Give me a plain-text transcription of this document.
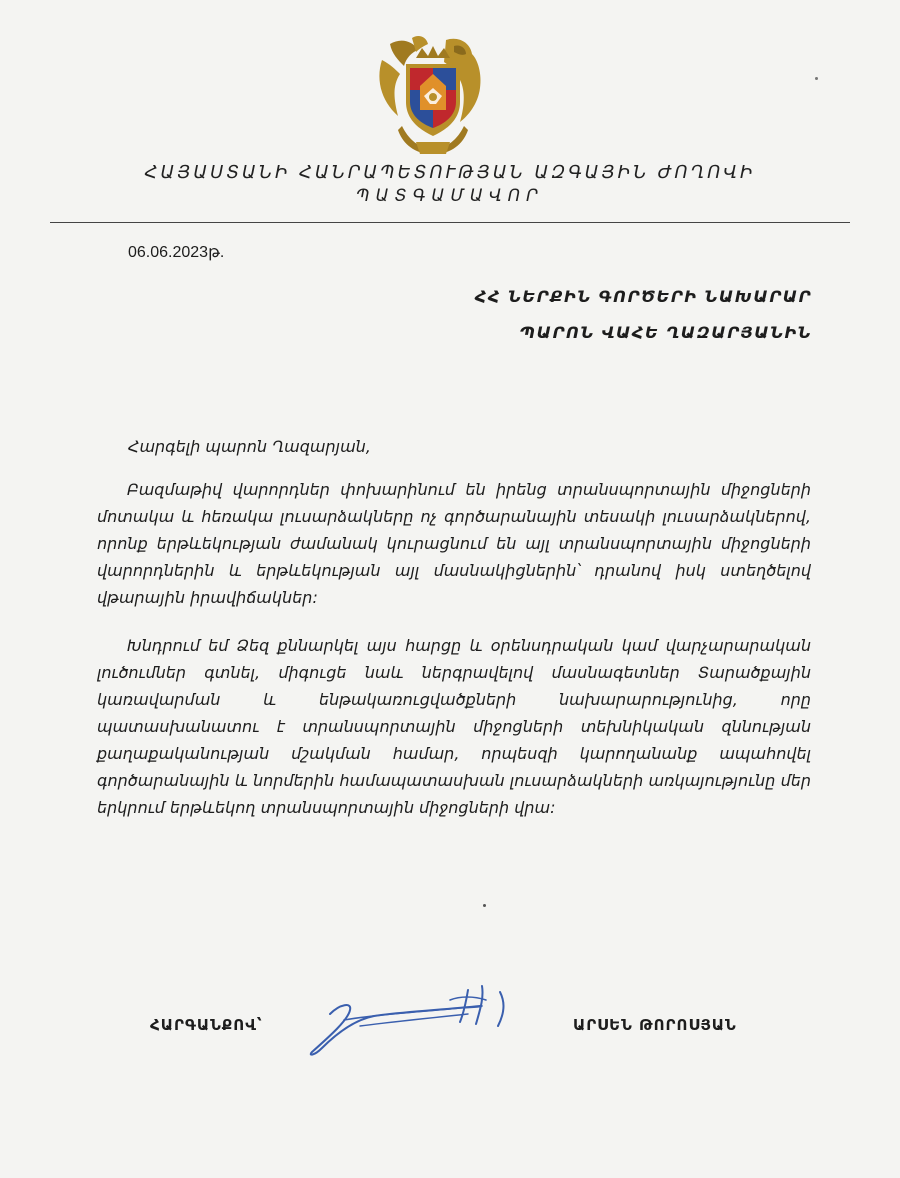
ՀԱՅԱՍՏԱՆԻ ՀԱՆՐԱՊԵՏՈՒԹՅԱՆ ԱԶԳԱՅԻՆ ԺՈՂՈՎԻ
ՊԱՏԳԱՄԱՎՈՐ
06.06.2023թ.
ՀՀ ՆԵՐՔԻՆ ԳՈՐԾԵՐԻ ՆԱԽԱՐԱՐ
ՊԱՐՈՆ ՎԱՀԵ ՂԱԶԱՐՅԱՆԻՆ
Հարգելի պարոն Ղազարյան,
Բազմաթիվ վարորդներ փոխարինում են իրենց տրանսպորտային միջոցների մոտակա և հեռակա լուսարձակները ոչ գործարանային տեսակի լուսարձակներով, որոնք երթևեկության ժամանակ կուրացնում են այլ տրանսպորտային միջոցների վարորդներին և երթևեկության այլ մասնակիցներին՝ դրանով իսկ ստեղծելով վթարային իրավիճակներ:
Խնդրում եմ Ձեզ քննարկել այս հարցը և օրենսդրական կամ վարչարարական լուծումներ գտնել, միգուցե նաև ներգրավելով մասնագետներ Տարածքային կառավարման և ենթակառուցվածքների նախարարությունից, որը պատասխանատու է տրանսպորտային միջոցների տեխնիկական զննության քաղաքականության մշակման համար, որպեսզի կարողանանք ապահովել գործարանային և նորմերին համապատասխան լուսարձակների առկայությունը մեր երկրում երթևեկող տրանսպորտային միջոցների վրա:
ՀԱՐԳԱՆՔՈՎ՝	ԱՐՍԵՆ ԹՈՐՈՍՅԱՆ
